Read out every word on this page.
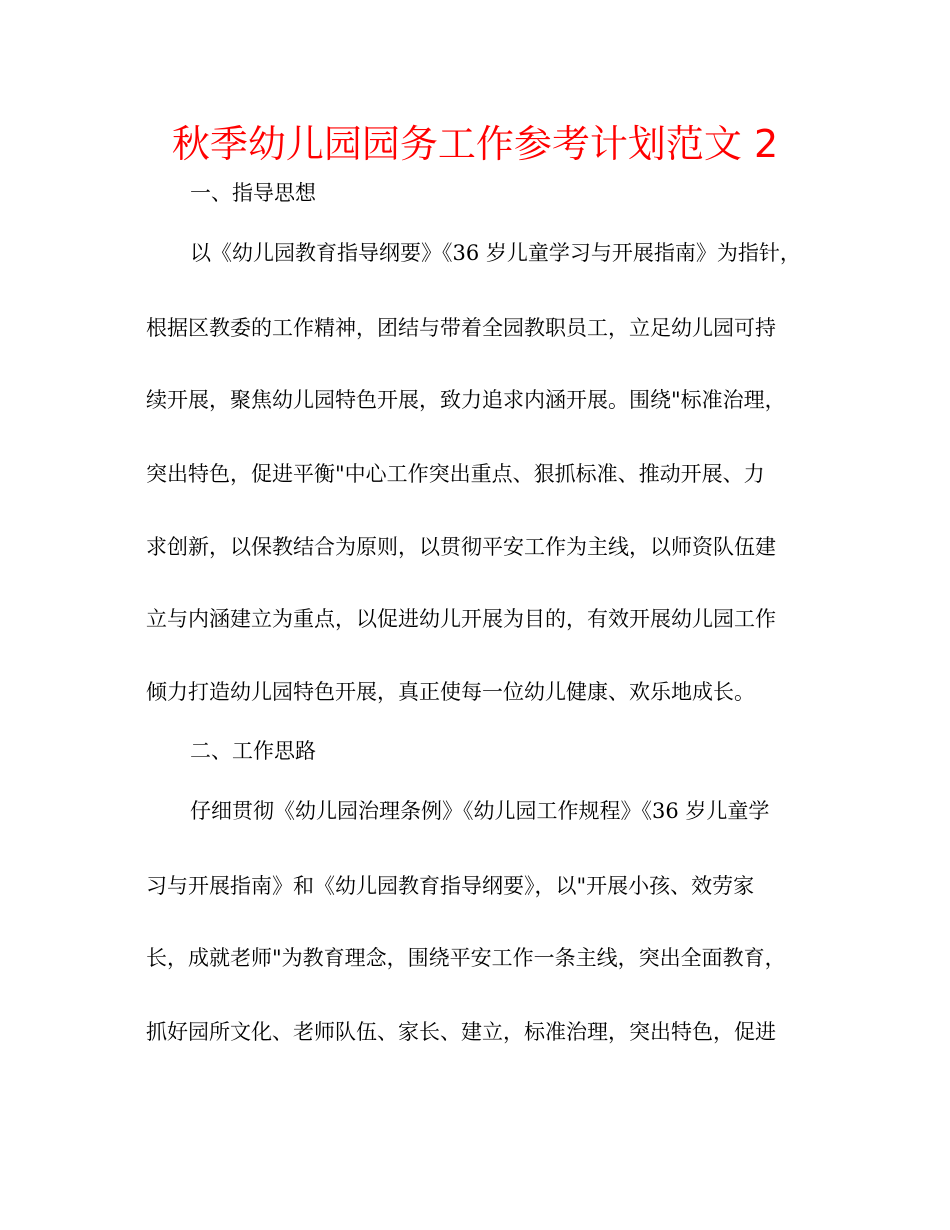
秋季幼儿园园务工作参考计划范文 2
一、指导思想
以《幼儿园教育指导纲要》《36 岁儿童学习与开展指南》为指针，
根据区教委的工作精神，团结与带着全园教职员工，立足幼儿园可持
续开展，聚焦幼儿园特色开展，致力追求内涵开展。围绕"标准治理，
突出特色，促进平衡"中心工作突出重点、狠抓标准、推动开展、力
求创新，以保教结合为原则，以贯彻平安工作为主线，以师资队伍建
立与内涵建立为重点，以促进幼儿开展为目的，有效开展幼儿园工作
倾力打造幼儿园特色开展，真正使每一位幼儿健康、欢乐地成长。
二、工作思路
仔细贯彻《幼儿园治理条例》《幼儿园工作规程》《36 岁儿童学
习与开展指南》和《幼儿园教育指导纲要》，以"开展小孩、效劳家
长，成就老师"为教育理念，围绕平安工作一条主线，突出全面教育，
抓好园所文化、老师队伍、家长、建立，标准治理，突出特色，促进
